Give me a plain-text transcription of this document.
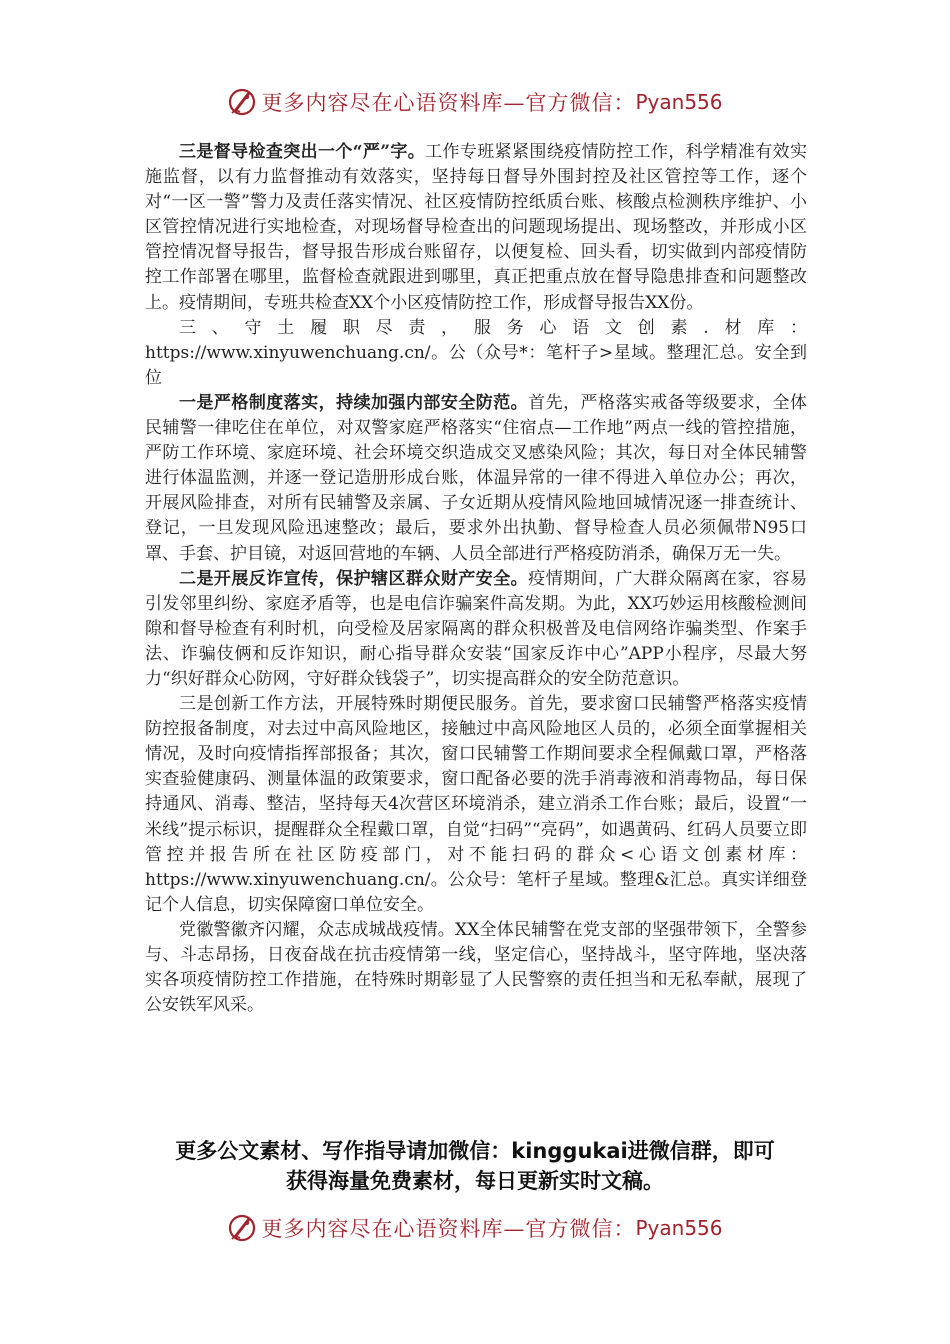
更多内容尽在心语资料库—官方微信： Pyan556

三是督导检查突出一个“严”字。工作专班紧紧围绕疫情防控工作，科学精准有效实施监督，以有力监督推动有效落实，坚持每日督导外围封控及社区管控等工作，逐个对“一区一警”警力及责任落实情况、社区疫情防控纸质台账、核酸点检测秩序维护、小区管控情况进行实地检查，对现场督导检查出的问题现场提出、现场整改，并形成小区管控情况督导报告，督导报告形成台账留存，以便复检、回头看，切实做到内部疫情防控工作部署在哪里，监督检查就跟进到哪里，真正把重点放在督导隐患排查和问题整改上。疫情期间，专班共检查XX个小区疫情防控工作，形成督导报告XX份。

三、守土履职尽责，服务心语文创素.材库：https://www.xinyuwenchuang.cn/。公（众号*：笔杆子>星域。整理汇总。安全到位

一是严格制度落实，持续加强内部安全防范。首先，严格落实戒备等级要求，全体民辅警一律吃住在单位，对双警家庭严格落实“住宿点—工作地”两点一线的管控措施，严防工作环境、家庭环境、社会环境交织造成交叉感染风险；其次，每日对全体民辅警进行体温监测，并逐一登记造册形成台账，体温异常的一律不得进入单位办公；再次，开展风险排查，对所有民辅警及亲属、子女近期从疫情风险地回城情况逐一排查统计、登记，一旦发现风险迅速整改；最后，要求外出执勤、督导检查人员必须佩带N95口罩、手套、护目镜，对返回营地的车辆、人员全部进行严格疫防消杀，确保万无一失。

二是开展反诈宣传，保护辖区群众财产安全。疫情期间，广大群众隔离在家，容易引发邻里纠纷、家庭矛盾等，也是电信诈骗案件高发期。为此，XX巧妙运用核酸检测间隙和督导检查有利时机，向受检及居家隔离的群众积极普及电信网络诈骗类型、作案手法、诈骗伎俩和反诈知识，耐心指导群众安装“国家反诈中心”APP小程序，尽最大努力“织好群众心防网，守好群众钱袋子”，切实提高群众的安全防范意识。

三是创新工作方法，开展特殊时期便民服务。首先，要求窗口民辅警严格落实疫情防控报备制度，对去过中高风险地区，接触过中高风险地区人员的，必须全面掌握相关情况，及时向疫情指挥部报备；其次，窗口民辅警工作期间要求全程佩戴口罩，严格落实查验健康码、测量体温的政策要求，窗口配备必要的洗手消毒液和消毒物品，每日保持通风、消毒、整洁，坚持每天4次营区环境消杀，建立消杀工作台账；最后，设置“一米线”提示标识，提醒群众全程戴口罩，自觉“扫码”“亮码”，如遇黄码、红码人员要立即管控并报告所在社区防疫部门，对不能扫码的群众<心语文创素材库：https://www.xinyuwenchuang.cn/。公众号：笔杆子星域。整理&汇总。真实详细登记个人信息，切实保障窗口单位安全。

党徽警徽齐闪耀，众志成城战疫情。XX全体民辅警在党支部的坚强带领下，全警参与、斗志昂扬，日夜奋战在抗击疫情第一线，坚定信心，坚持战斗，坚守阵地，坚决落实各项疫情防控工作措施，在特殊时期彰显了人民警察的责任担当和无私奉献，展现了公安铁军风采。

更多公文素材、写作指导请加微信：kinggukai进微信群，即可
获得海量免费素材，每日更新实时文稿。
更多内容尽在心语资料库—官方微信： Pyan556
